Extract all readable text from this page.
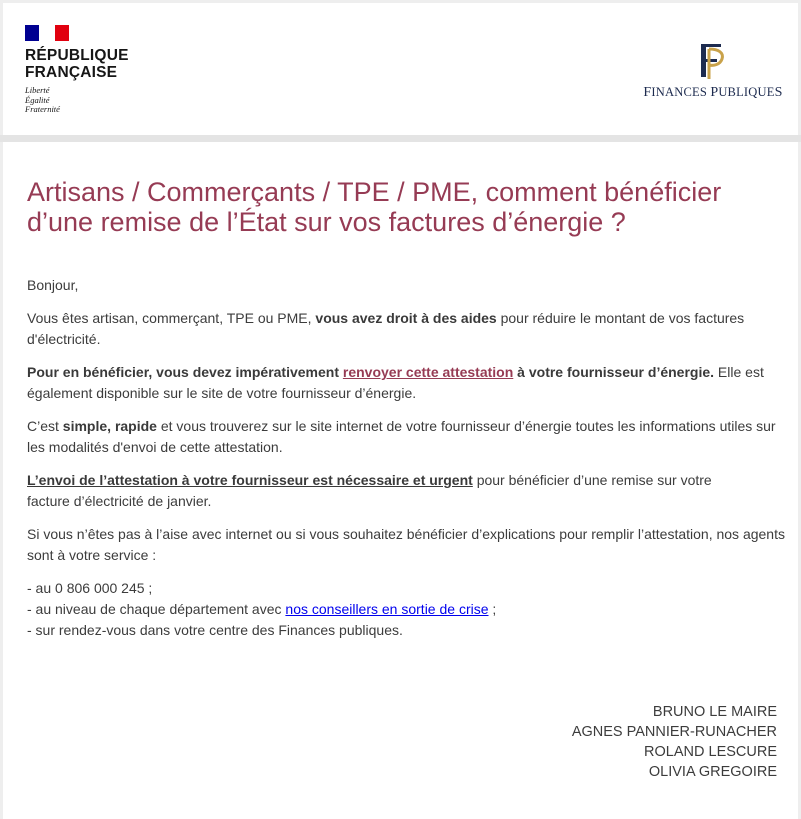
RÉPUBLIQUE
FRANÇAISE
Liberté
Égalité
Fraternité
FINANCES PUBLIQUES
Artisans / Commerçants / TPE / PME, comment bénéficier d’une remise de l’État sur vos factures d’énergie ?

Bonjour,

Vous êtes artisan, commerçant, TPE ou PME, vous avez droit à des aides pour réduire le montant de vos factures d'électricité.

Pour en bénéficier, vous devez impérativement renvoyer cette attestation à votre fournisseur d’énergie. Elle est également disponible sur le site de votre fournisseur d’énergie.

C’est simple, rapide et vous trouverez sur le site internet de votre fournisseur d’énergie toutes les informations utiles sur les modalités d'envoi de cette attestation.

L’envoi de l’attestation à votre fournisseur est nécessaire et urgent pour bénéficier d’une remise sur votre
facture d’électricité de janvier.

Si vous n’êtes pas à l’aise avec internet ou si vous souhaitez bénéficier d’explications pour remplir l’attestation, nos agents sont à votre service :

- au 0 806 000 245 ;
- au niveau de chaque département avec nos conseillers en sortie de crise ;
- sur rendez-vous dans votre centre des Finances publiques.

BRUNO LE MAIRE
AGNES PANNIER-RUNACHER
ROLAND LESCURE
OLIVIA GREGOIRE
